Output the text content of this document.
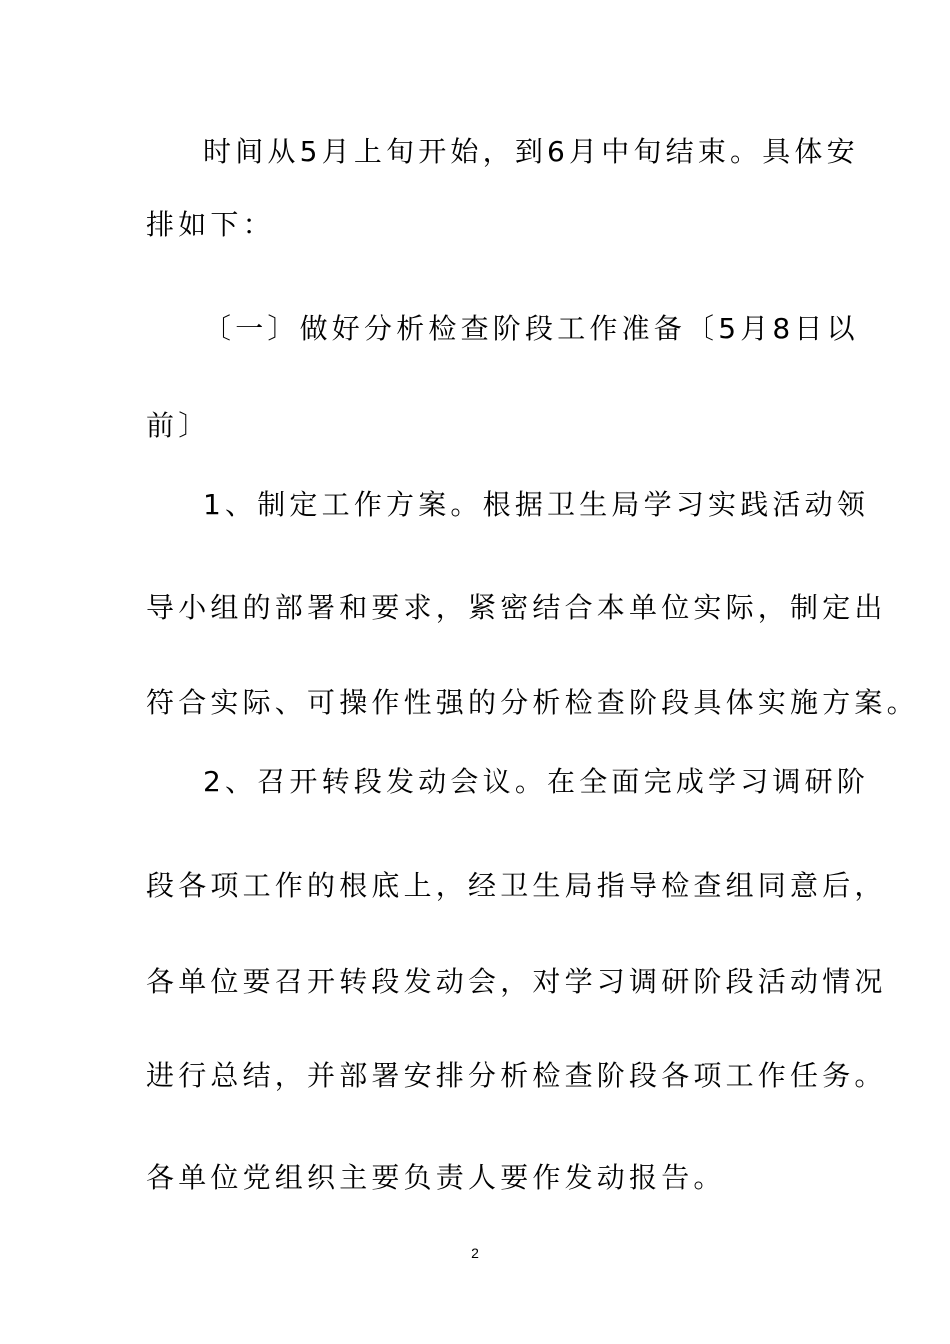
时间从5月上旬开始，到6月中旬结束。具体安
排如下：
〔一〕做好分析检查阶段工作准备〔5月8日以
前〕
1、制定工作方案。根据卫生局学习实践活动领
导小组的部署和要求，紧密结合本单位实际，制定出
符合实际、可操作性强的分析检查阶段具体实施方案。
2、召开转段发动会议。在全面完成学习调研阶
段各项工作的根底上，经卫生局指导检查组同意后，
各单位要召开转段发动会，对学习调研阶段活动情况
进行总结，并部署安排分析检查阶段各项工作任务。
各单位党组织主要负责人要作发动报告。
2
